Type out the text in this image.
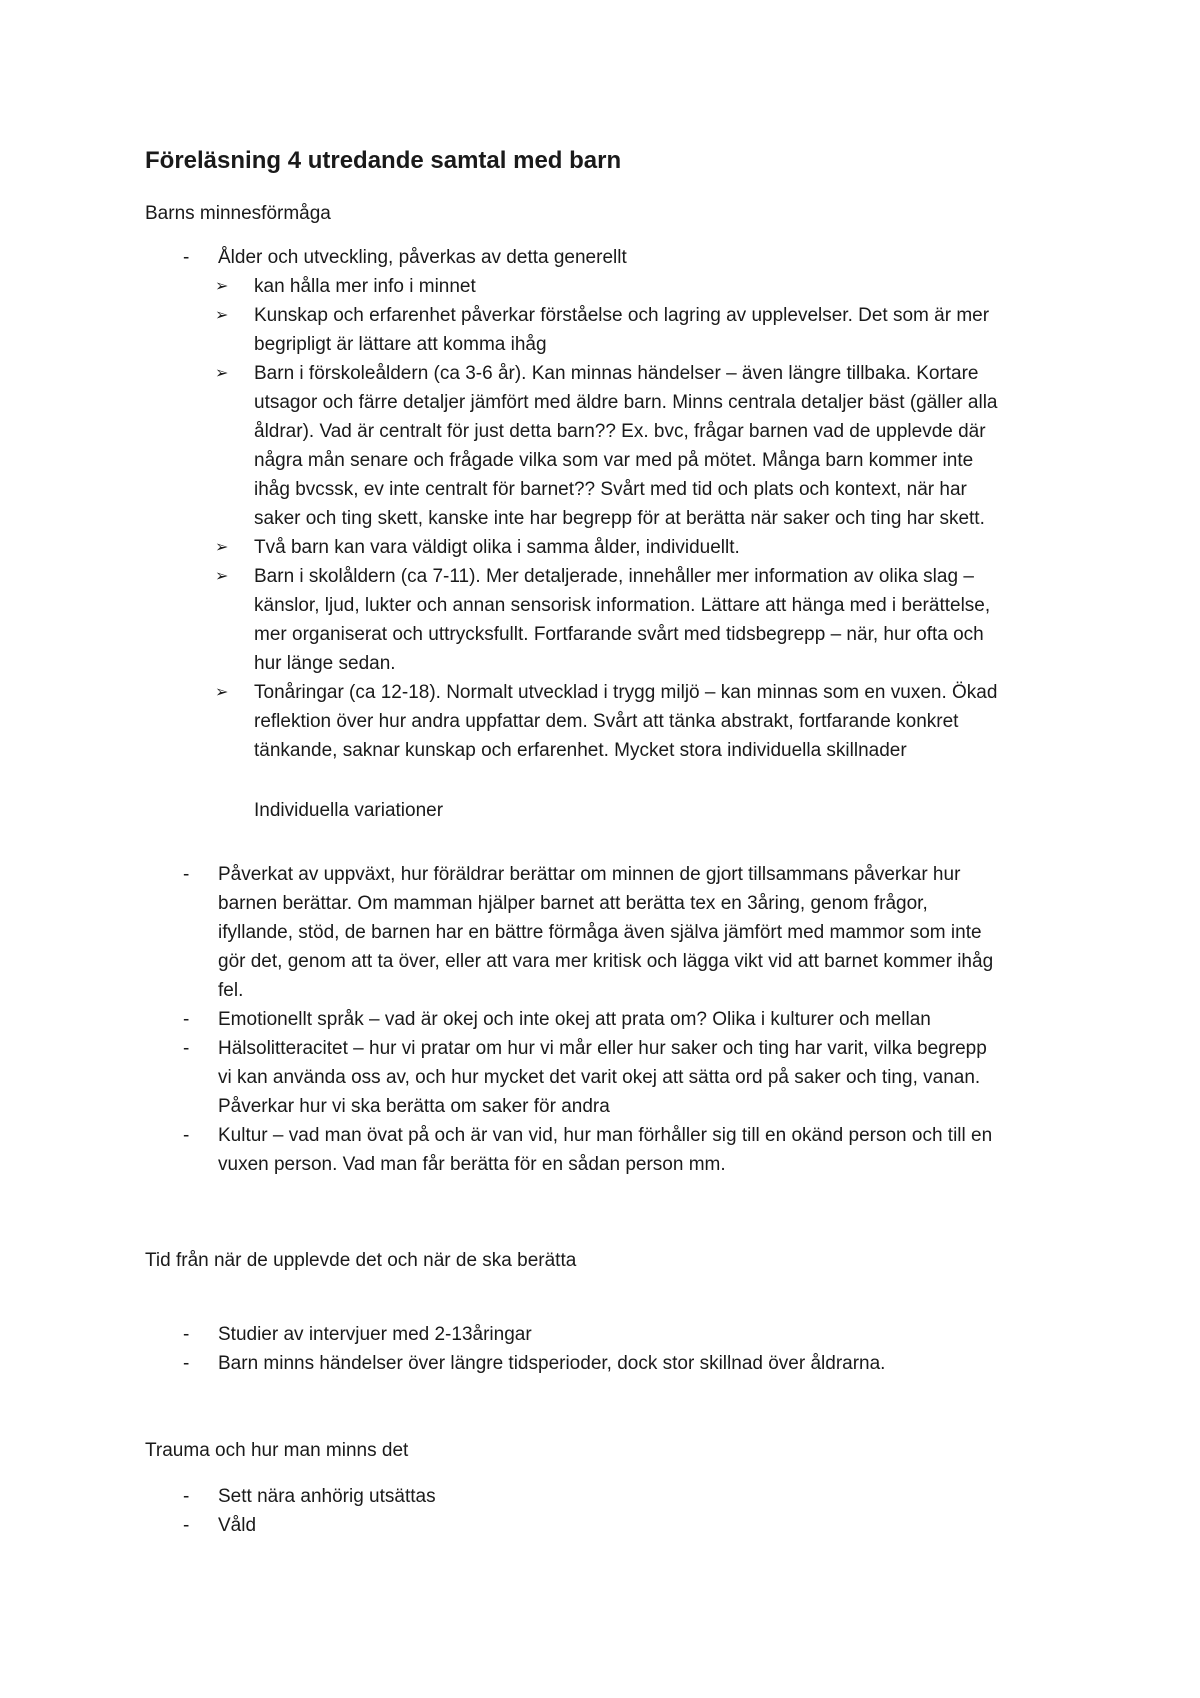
Föreläsning 4 utredande samtal med barn

Barns minnesförmåga

- Ålder och utveckling, påverkas av detta generellt
➢ kan hålla mer info i minnet
➢ Kunskap och erfarenhet påverkar förståelse och lagring av upplevelser. Det som är mer
begripligt är lättare att komma ihåg
➢ Barn i förskoleåldern (ca 3-6 år). Kan minnas händelser – även längre tillbaka. Kortare
utsagor och färre detaljer jämfört med äldre barn. Minns centrala detaljer bäst (gäller alla
åldrar). Vad är centralt för just detta barn?? Ex. bvc, frågar barnen vad de upplevde där
några mån senare och frågade vilka som var med på mötet. Många barn kommer inte
ihåg bvcssk, ev inte centralt för barnet?? Svårt med tid och plats och kontext, när har
saker och ting skett, kanske inte har begrepp för at berätta när saker och ting har skett.
➢ Två barn kan vara väldigt olika i samma ålder, individuellt.
➢ Barn i skolåldern (ca 7-11). Mer detaljerade, innehåller mer information av olika slag –
känslor, ljud, lukter och annan sensorisk information. Lättare att hänga med i berättelse,
mer organiserat och uttrycksfullt. Fortfarande svårt med tidsbegrepp – när, hur ofta och
hur länge sedan.
➢ Tonåringar (ca 12-18). Normalt utvecklad i trygg miljö – kan minnas som en vuxen. Ökad
reflektion över hur andra uppfattar dem. Svårt att tänka abstrakt, fortfarande konkret
tänkande, saknar kunskap och erfarenhet. Mycket stora individuella skillnader

Individuella variationer

- Påverkat av uppväxt, hur föräldrar berättar om minnen de gjort tillsammans påverkar hur
barnen berättar. Om mamman hjälper barnet att berätta tex en 3åring, genom frågor,
ifyllande, stöd, de barnen har en bättre förmåga även själva jämfört med mammor som inte
gör det, genom att ta över, eller att vara mer kritisk och lägga vikt vid att barnet kommer ihåg
fel.
- Emotionellt språk – vad är okej och inte okej att prata om? Olika i kulturer och mellan
- Hälsolitteracitet – hur vi pratar om hur vi mår eller hur saker och ting har varit, vilka begrepp
vi kan använda oss av, och hur mycket det varit okej att sätta ord på saker och ting, vanan.
Påverkar hur vi ska berätta om saker för andra
- Kultur – vad man övat på och är van vid, hur man förhåller sig till en okänd person och till en
vuxen person. Vad man får berätta för en sådan person mm.

Tid från när de upplevde det och när de ska berätta

- Studier av intervjuer med 2-13åringar
- Barn minns händelser över längre tidsperioder, dock stor skillnad över åldrarna.

Trauma och hur man minns det

- Sett nära anhörig utsättas
- Våld
